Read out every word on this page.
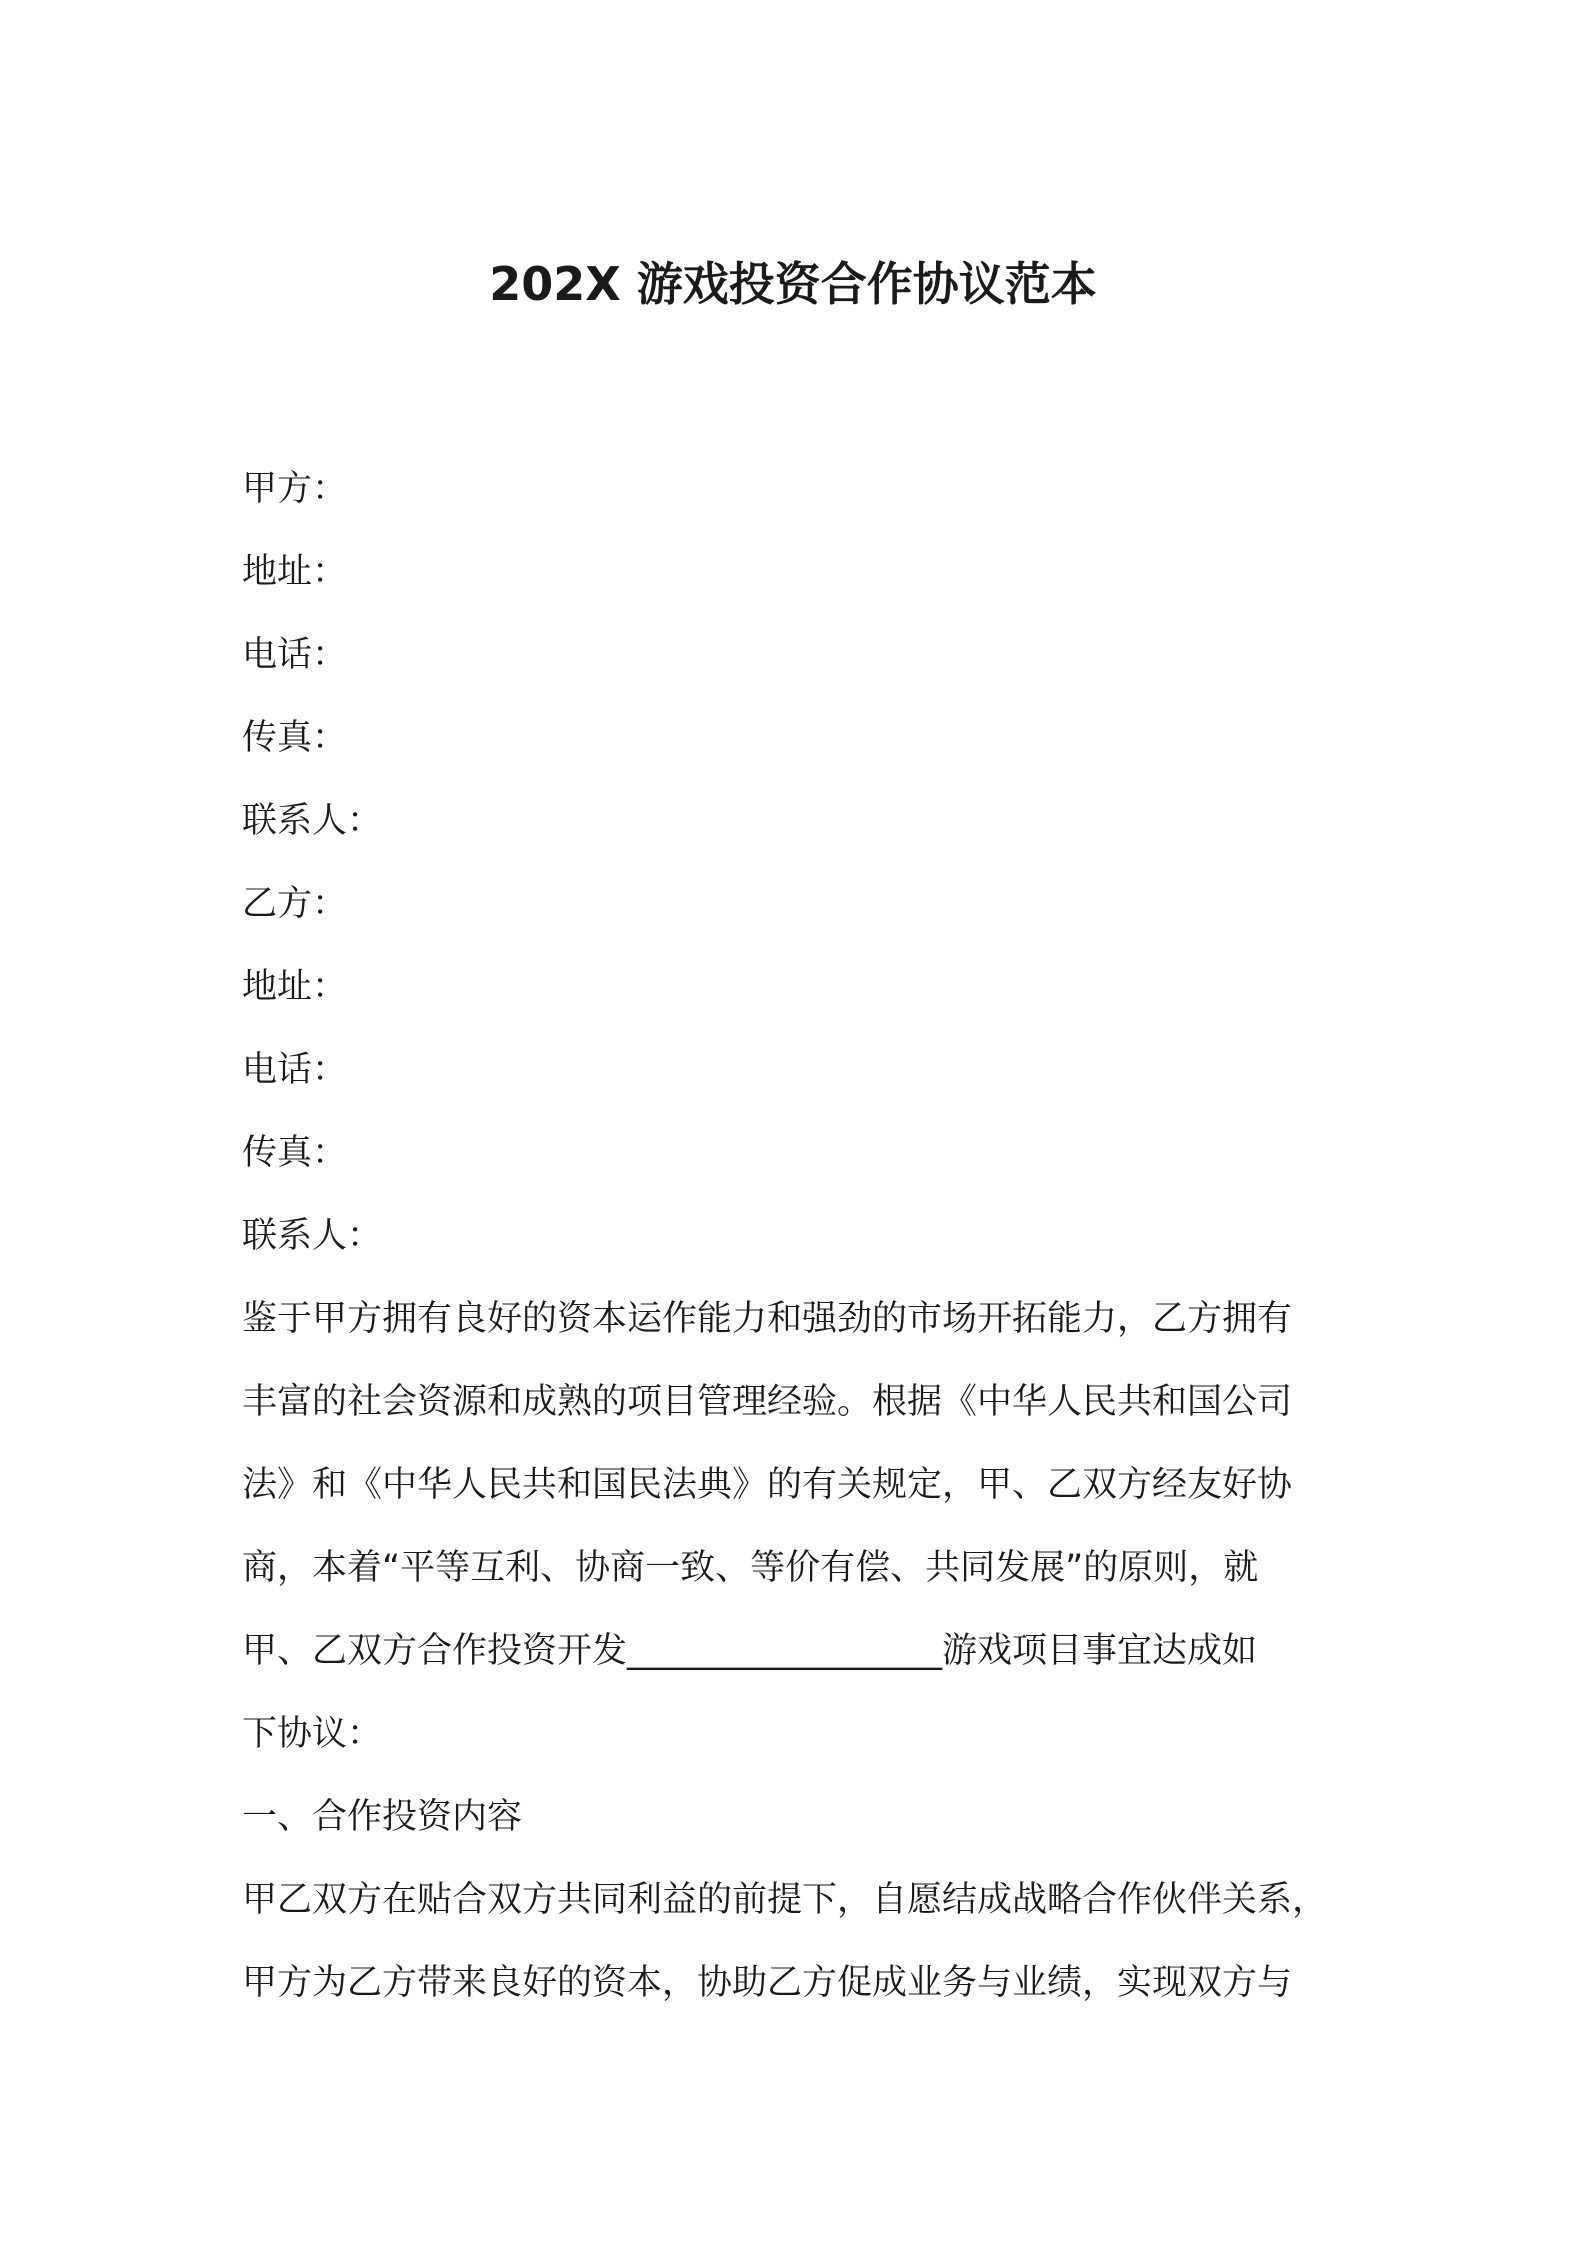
202X 游戏投资合作协议范本
甲方：
地址：
电话：
传真：
联系人：
乙方：
地址：
电话：
传真：
联系人：
鉴于甲方拥有良好的资本运作能力和强劲的市场开拓能力，乙方拥有
丰富的社会资源和成熟的项目管理经验。根据《中华人民共和国公司
法》和《中华人民共和国民法典》的有关规定，甲、乙双方经友好协
商，本着“平等互利、协商一致、等价有偿、共同发展”的原则，就
甲、乙双方合作投资开发__________________游戏项目事宜达成如
下协议：
一、合作投资内容
甲乙双方在贴合双方共同利益的前提下，自愿结成战略合作伙伴关系，
甲方为乙方带来良好的资本，协助乙方促成业务与业绩，实现双方与
